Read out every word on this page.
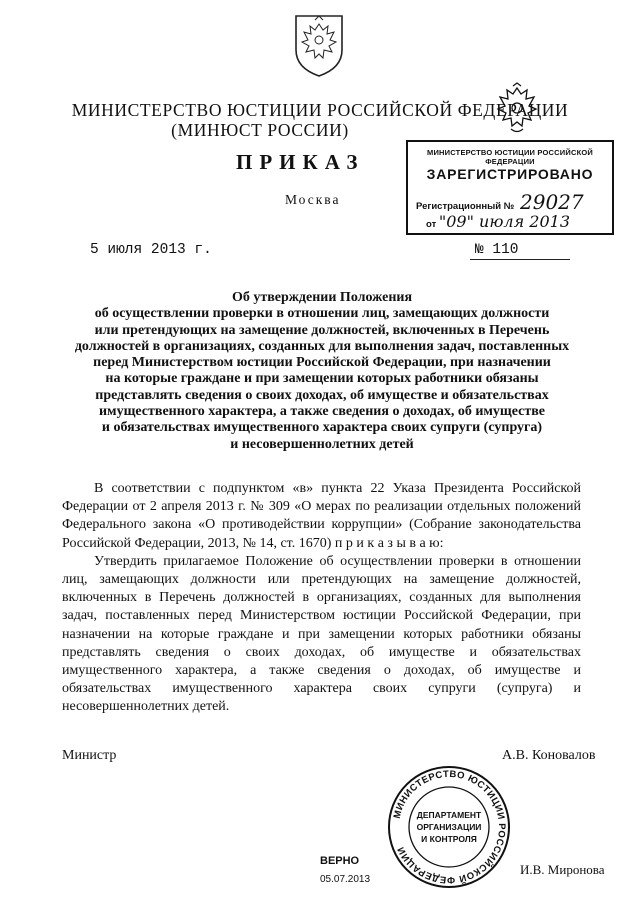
МИНИСТЕРСТВО ЮСТИЦИИ РОССИЙСКОЙ ФЕДЕРАЦИИ
(МИНЮСТ РОССИИ)
ПРИКАЗ
Москва
5 июля 2013 г.	№ 110
МИНИСТЕРСТВО ЮСТИЦИИ РОССИЙСКОЙ ФЕДЕРАЦИИ
ЗАРЕГИСТРИРОВАНО
Регистрационный № 29027
от "09" июля 2013
Об утверждении Положения
об осуществлении проверки в отношении лиц, замещающих должности
или претендующих на замещение должностей, включенных в Перечень
должностей в организациях, созданных для выполнения задач, поставленных
перед Министерством юстиции Российской Федерации, при назначении
на которые граждане и при замещении которых работники обязаны
представлять сведения о своих доходах, об имуществе и обязательствах
имущественного характера, а также сведения о доходах, об имуществе
и обязательствах имущественного характера своих супруги (супруга)
и несовершеннолетних детей

В соответствии с подпунктом «в» пункта 22 Указа Президента Российской Федерации от 2 апреля 2013 г. № 309 «О мерах по реализации отдельных положений Федерального закона «О противодействии коррупции» (Собрание законодательства Российской Федерации, 2013, № 14, ст. 1670) п р и к а з ы в а ю:

Утвердить прилагаемое Положение об осуществлении проверки в отношении лиц, замещающих должности или претендующих на замещение должностей, включенных в Перечень должностей в организациях, созданных для выполнения задач, поставленных перед Министерством юстиции Российской Федерации, при назначении на которые граждане и при замещении которых работники обязаны представлять сведения о своих доходах, об имуществе и обязательствах имущественного характера, а также сведения о доходах, об имуществе и обязательствах имущественного характера своих супруги (супруга) и несовершеннолетних детей.

Министр	А.В. Коновалов
ВЕРНО
05.07.2013
И.В. Миронова
МИНИСТЕРСТВО ЮСТИЦИИ РОССИЙСКОЙ ФЕДЕРАЦИИ
ДЕПАРТАМЕНТ
ОРГАНИЗАЦИИ
И КОНТРОЛЯ
